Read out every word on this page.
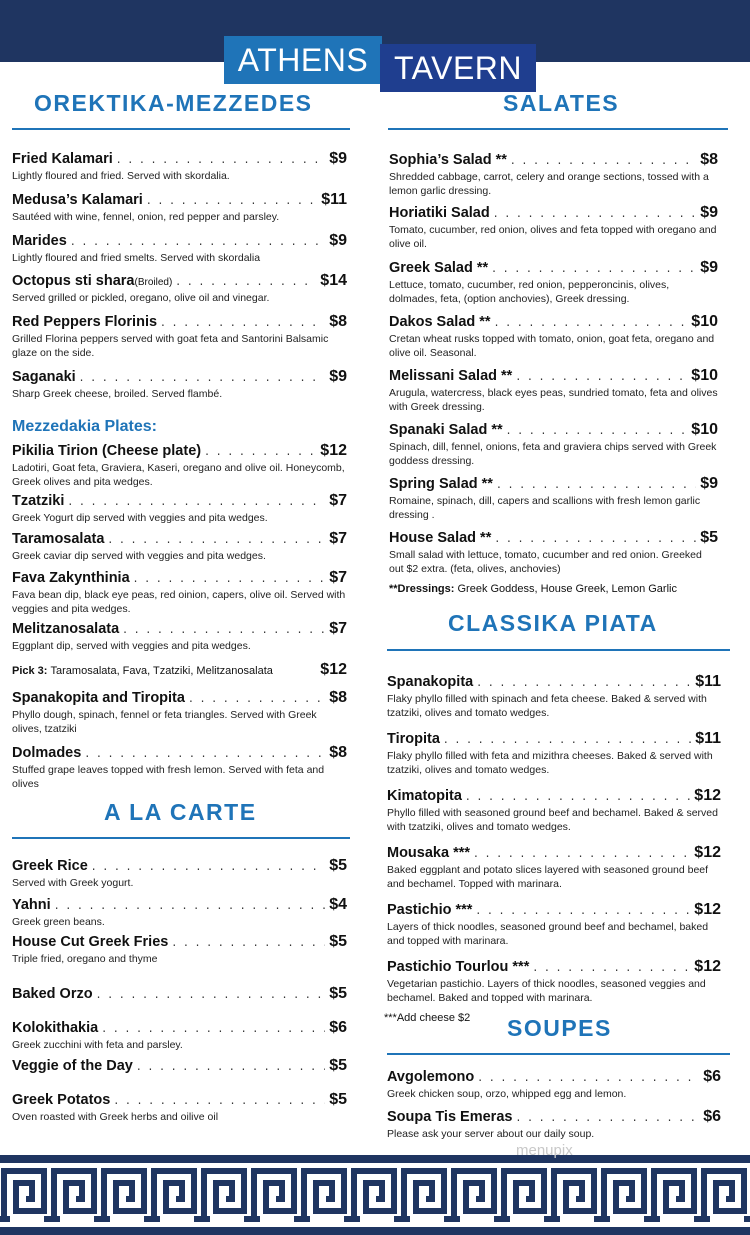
ATHENS TAVERN
OREKTIKA-MEZZEDES
Fried Kalamari . . .	$9
Lightly floured and fried. Served with skordalia.
Medusa’s Kalamari . . .	$11
Sautéed with wine, fennel, onion, red pepper and parsley.
Marides . . .	$9
Lightly floured and fried smelts. Served with skordalia
Octopus sti shara(Broiled) . . .	$14
Served grilled or pickled, oregano, olive oil and vinegar.
Red Peppers Florinis . . .	$8
Grilled Florina peppers served with goat feta and Santorini Balsamic glaze on the side.
Saganaki . . .	$9
Sharp Greek cheese, broiled. Served flambé.
Mezzedakia Plates:
Pikilia Tirion (Cheese plate) . . .	$12
Ladotiri, Goat feta, Graviera, Kaseri, oregano and olive oil. Honeycomb, Greek olives and pita wedges.
Tzatziki . . .	$7
Greek Yogurt dip served with veggies and pita wedges.
Taramosalata . . .	$7
Greek caviar dip served with veggies and pita wedges.
Fava Zakynthinia . . .	$7
Fava bean dip, black eye peas, red oinion, capers, olive oil. Served with veggies and pita wedges.
Melitzanosalata . . .	$7
Eggplant dip, served with veggies and pita wedges.
Pick 3:
Taramosalata, Fava, Tzatziki, Melitzanosalata	$12
Spanakopita and Tiropita . . .	$8
Phyllo dough, spinach, fennel or feta triangles. Served with Greek olives, tzatziki
Dolmades . . .	$8
Stuffed grape leaves topped with fresh lemon. Served with feta and olives
A LA CARTE
Greek Rice . . .	$5
Served with Greek yogurt.
Yahni . . .	$4
Greek green beans.
House Cut Greek Fries . . .	$5
Triple fried, oregano and thyme
Baked Orzo . . .	$5
Kolokithakia . . .	$6
Greek zucchini with feta and parsley.
Veggie of the Day . . .	$5
Greek Potatos . . .	$5
Oven roasted with Greek herbs and oilive oil
SALATES
Sophia’s Salad ** . . .	$8
Shredded cabbage, carrot, celery and orange sections, tossed with a lemon garlic dressing.
Horiatiki Salad . . .	$9
Tomato, cucumber, red onion, olives and feta topped with oregano and olive oil.
Greek Salad ** . . .	$9
Lettuce, tomato, cucumber, red onion, pepperoncinis, olives, dolmades, feta, (option anchovies), Greek dressing.
Dakos Salad ** . . .	$10
Cretan wheat rusks topped with tomato, onion, goat feta, oregano and olive oil. Seasonal.
Melissani Salad ** . . .	$10
Arugula, watercress, black eyes peas, sundried tomato, feta and olives with Greek dressing.
Spanaki Salad ** . . .	$10
Spinach, dill, fennel, onions, feta and graviera chips served with Greek goddess dressing.
Spring Salad ** . . .	$9
Romaine, spinach, dill, capers and scallions with fresh lemon garlic dressing .
House Salad ** . . .	$5
Small salad with lettuce, tomato, cucumber and red onion. Greeked out $2 extra. (feta, olives, anchovies)
**Dressings: Greek Goddess, House Greek, Lemon Garlic
CLASSIKA PIATA
Spanakopita . . .	$11
Flaky phyllo filled with spinach and feta cheese. Baked & served with tzatziki, olives and tomato wedges.
Tiropita . . .	$11
Flaky phyllo filled with feta and mizithra cheeses. Baked & served with tzatziki, olives and tomato wedges.
Kimatopita . . .	$12
Phyllo filled with seasoned ground beef and bechamel. Baked & served with tzatziki, olives and tomato wedges.
Mousaka *** . . .	$12
Baked eggplant and potato slices layered with seasoned ground beef and bechamel. Topped with marinara.
Pastichio *** . . .	$12
Layers of thick noodles, seasoned ground beef and bechamel, baked and topped with marinara.
Pastichio Tourlou *** . . .	$12
Vegetarian pastichio. Layers of thick noodles, seasoned veggies and bechamel. Baked and topped with marinara.
***Add cheese $2 SOUPES
Avgolemono . . .	$6
Greek chicken soup, orzo, whipped egg and lemon.
Soupa Tis Emeras . . .	$6
Please ask your server about our daily soup.
menupix
